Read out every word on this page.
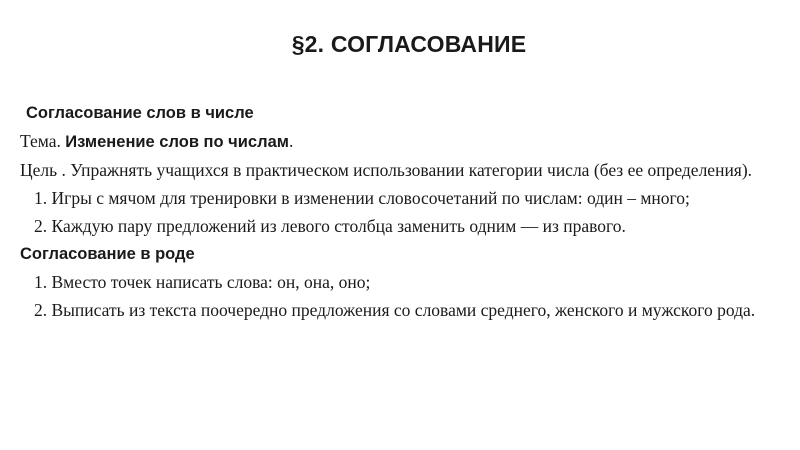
§2. СОГЛАСОВАНИЕ

Согласование слов в числе

Тема. Изменение слов по числам.

Цель . Упражнять учащихся в практическом использовании категории числа (без ее определения).

1. Игры с мячом для тренировки в изменении словосочетаний по числам: один – много;

2. Каждую пару предложений из левого столбца заменить одним — из правого.

Согласование в роде

1. Вместо точек написать слова: он, она, оно;

2. Выписать из текста поочередно предложения со словами среднего, женского и мужского рода.
